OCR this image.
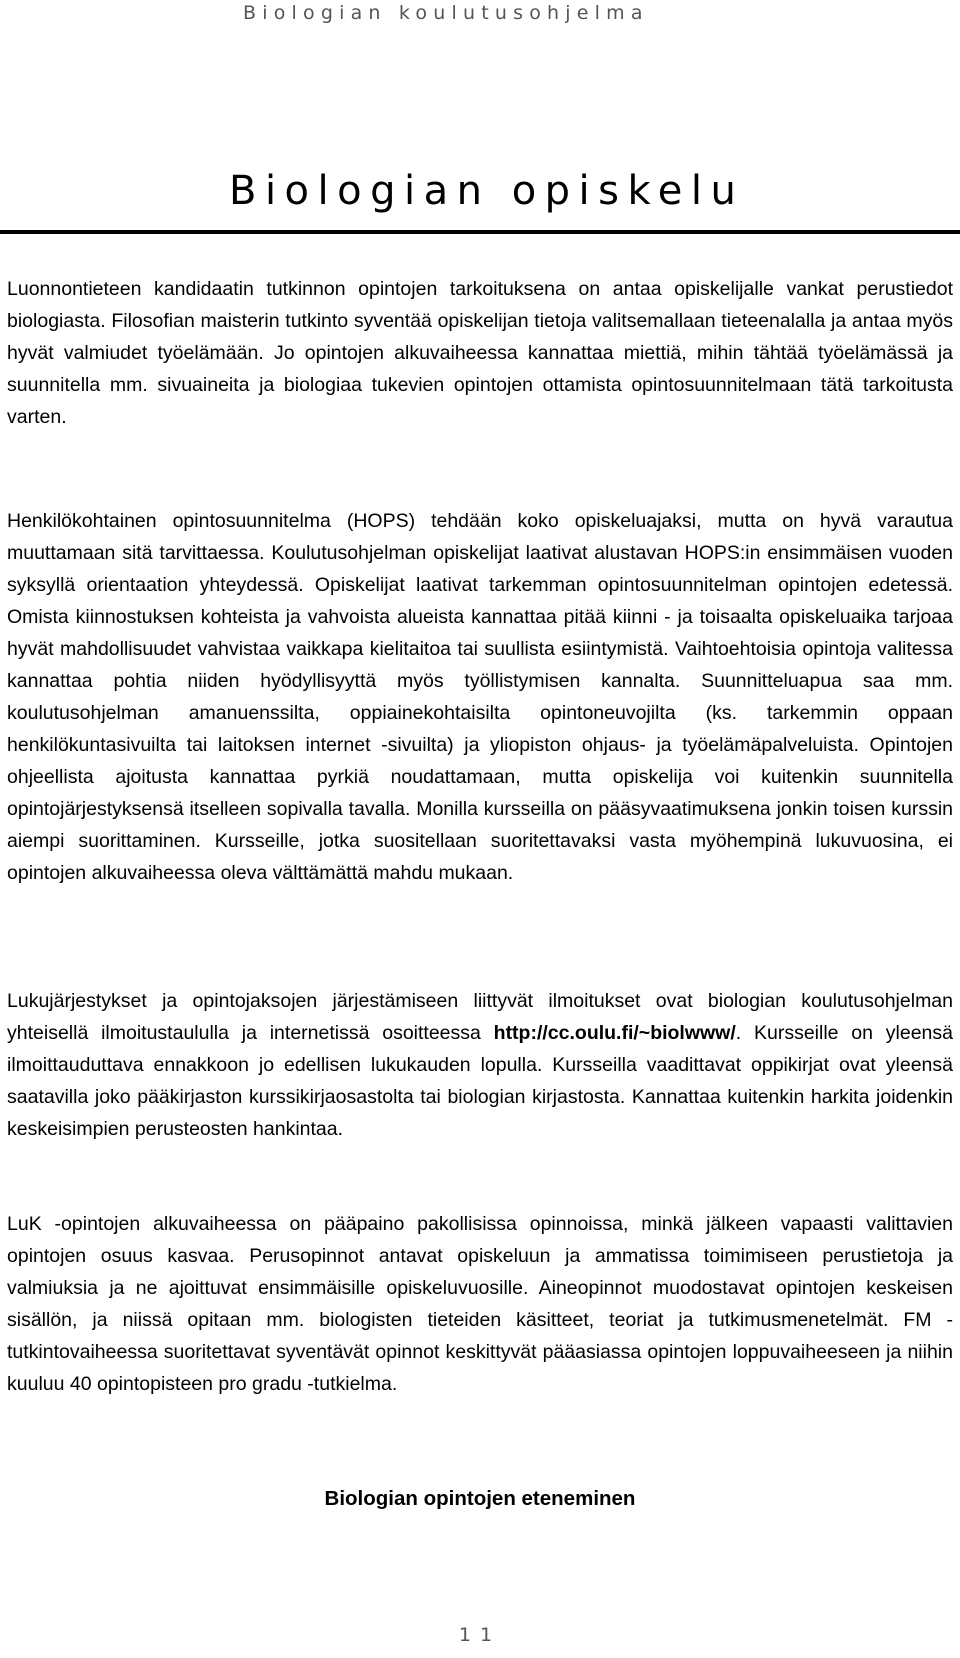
Biologian koulutusohjelma
Biologian opiskelu

Luonnontieteen kandidaatin tutkinnon opintojen tarkoituksena on antaa opiskelijalle vankat perustiedot biologiasta. Filosofian maisterin tutkinto syventää opiskelijan tietoja valitsemallaan tieteenalalla ja antaa myös hyvät valmiudet työelämään. Jo opintojen alkuvaiheessa kannattaa miettiä, mihin tähtää työelämässä ja suunnitella mm. sivuaineita ja biologiaa tukevien opintojen ottamista opintosuunnitelmaan tätä tarkoitusta varten.

Henkilökohtainen opintosuunnitelma (HOPS) tehdään koko opiskeluajaksi, mutta on hyvä varautua muuttamaan sitä tarvittaessa. Koulutusohjelman opiskelijat laativat alustavan HOPS:in ensimmäisen vuoden syksyllä orientaation yhteydessä. Opiskelijat laativat tarkemman opintosuunnitelman opintojen edetessä. Omista kiinnostuksen kohteista ja vahvoista alueista kannattaa pitää kiinni - ja toisaalta opiskeluaika tarjoaa hyvät mahdollisuudet vahvistaa vaikkapa kielitaitoa tai suullista esiintymistä. Vaihtoehtoisia opintoja valitessa kannattaa pohtia niiden hyödyllisyyttä myös työllistymisen kannalta. Suunnitteluapua saa mm. koulutusohjelman amanuenssilta, oppiainekohtaisilta opintoneuvojilta (ks. tarkemmin oppaan henkilökuntasivuilta tai laitoksen internet -sivuilta) ja yliopiston ohjaus- ja työelämäpalveluista. Opintojen ohjeellista ajoitusta kannattaa pyrkiä noudattamaan, mutta opiskelija voi kuitenkin suunnitella opintojärjestyksensä itselleen sopivalla tavalla. Monilla kursseilla on pääsyvaatimuksena jonkin toisen kurssin aiempi suorittaminen. Kursseille, jotka suositellaan suoritettavaksi vasta myöhempinä lukuvuosina, ei opintojen alkuvaiheessa oleva välttämättä mahdu mukaan.

Lukujärjestykset ja opintojaksojen järjestämiseen liittyvät ilmoitukset ovat biologian koulutusohjelman yhteisellä ilmoitustaululla ja internetissä osoitteessa http://cc.oulu.fi/~biolwww/. Kursseille on yleensä ilmoittauduttava ennakkoon jo edellisen lukukauden lopulla. Kursseilla vaadittavat oppikirjat ovat yleensä saatavilla joko pääkirjaston kurssikirjaosastolta tai biologian kirjastosta. Kannattaa kuitenkin harkita joidenkin keskeisimpien perusteosten hankintaa.

LuK -opintojen alkuvaiheessa on pääpaino pakollisissa opinnoissa, minkä jälkeen vapaasti valittavien opintojen osuus kasvaa. Perusopinnot antavat opiskeluun ja ammatissa toimimiseen perustietoja ja valmiuksia ja ne ajoittuvat ensimmäisille opiskeluvuosille. Aineopinnot muodostavat opintojen keskeisen sisällön, ja niissä opitaan mm. biologisten tieteiden käsitteet, teoriat ja tutkimusmenetelmät. FM - tutkintovaiheessa suoritettavat syventävät opinnot keskittyvät pääasiassa opintojen loppuvaiheeseen ja niihin kuuluu 40 opintopisteen pro gradu -tutkielma.

Biologian opintojen eteneminen
11
